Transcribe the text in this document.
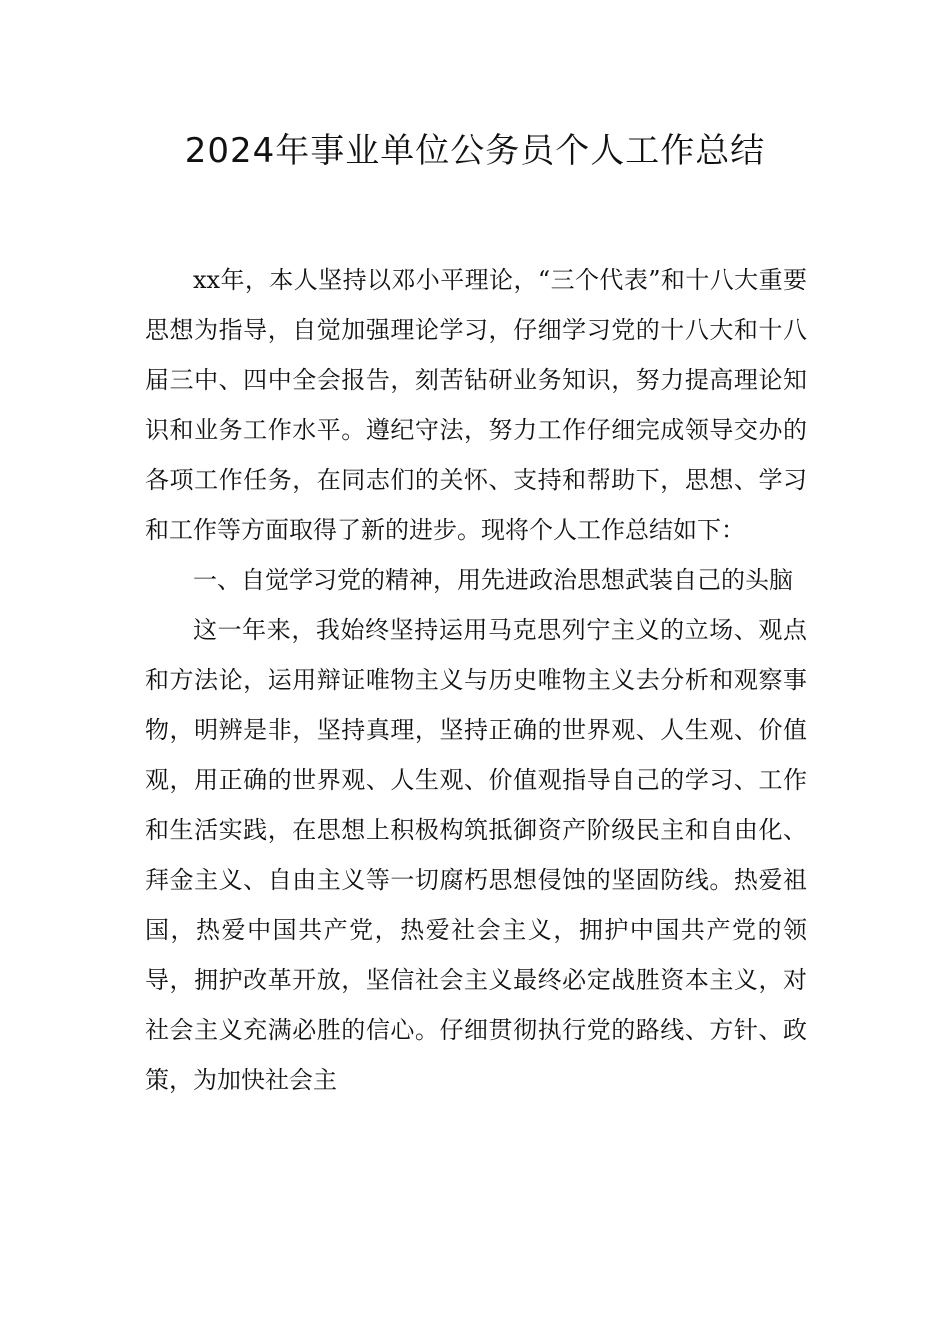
2024年事业单位公务员个人工作总结

xx年，本人坚持以邓小平理论，“三个代表”和十八大重要思想为指导，自觉加强理论学习，仔细学习党的十八大和十八届三中、四中全会报告，刻苦钻研业务知识，努力提高理论知识和业务工作水平。遵纪守法，努力工作仔细完成领导交办的各项工作任务，在同志们的关怀、支持和帮助下，思想、学习和工作等方面取得了新的进步。现将个人工作总结如下：

一、自觉学习党的精神，用先进政治思想武装自己的头脑

这一年来，我始终坚持运用马克思列宁主义的立场、观点和方法论，运用辩证唯物主义与历史唯物主义去分析和观察事物，明辨是非，坚持真理，坚持正确的世界观、人生观、价值观，用正确的世界观、人生观、价值观指导自己的学习、工作和生活实践，在思想上积极构筑抵御资产阶级民主和自由化、拜金主义、自由主义等一切腐朽思想侵蚀的坚固防线。热爱祖国，热爱中国共产党，热爱社会主义，拥护中国共产党的领导，拥护改革开放，坚信社会主义最终必定战胜资本主义，对社会主义充满必胜的信心。仔细贯彻执行党的路线、方针、政策，为加快社会主
